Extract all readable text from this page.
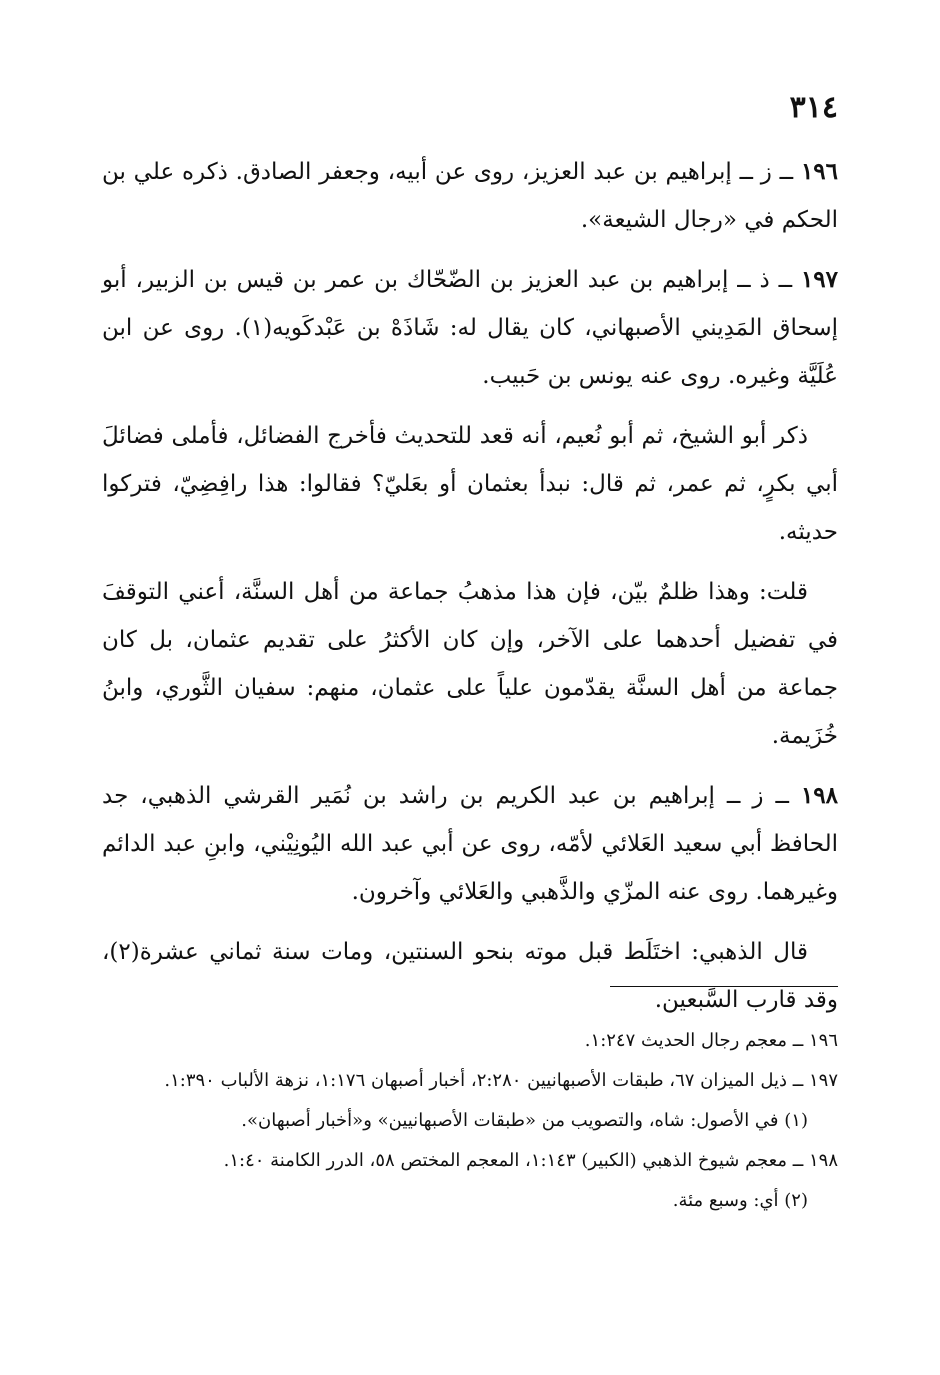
٣١٤

١٩٦ ــ ز ــ إبراهيم بن عبد العزيز، روى عن أبيه، وجعفر الصادق. ذكره علي بن الحكم في «رجال الشيعة».

١٩٧ ــ ذ ــ إبراهيم بن عبد العزيز بن الضّحّاك بن عمر بن قيس بن الزبير، أبو إسحاق المَدِيني الأصبهاني، كان يقال له: شَاذَهْ بن عَبْدكَويه(١). روى عن ابن عُلَيَّة وغيره. روى عنه يونس بن حَبيب.

ذكر أبو الشيخ، ثم أبو نُعيم، أنه قعد للتحديث فأخرج الفضائل، فأملى فضائلَ أبي بكرٍ، ثم عمر، ثم قال: نبدأ بعثمان أو بعَليّ؟ فقالوا: هذا رافِضِيّ، فتركوا حديثه.

قلت: وهذا ظلمٌ بيّن، فإن هذا مذهبُ جماعة من أهل السنَّة، أعني التوقفَ في تفضيل أحدهما على الآخر، وإن كان الأكثرُ على تقديم عثمان، بل كان جماعة من أهل السنَّة يقدّمون علياً على عثمان، منهم: سفيان الثَّوري، وابنُ خُزَيمة.

١٩٨ ــ ز ــ إبراهيم بن عبد الكريم بن راشد بن نُمَير القرشي الذهبي، جد الحافظ أبي سعيد العَلائي لأمّه، روى عن أبي عبد الله اليُونِيْني، وابنِ عبد الدائم وغيرهما. روى عنه المزّي والذَّهبي والعَلائي وآخرون.

قال الذهبي: اختَلَط قبل موته بنحو السنتين، ومات سنة ثماني عشرة(٢)، وقد قارب السَّبعين.

١٩٦ ــ معجم رجال الحديث ١:٢٤٧.

١٩٧ ــ ذيل الميزان ٦٧، طبقات الأصبهانيين ٢:٢٨٠، أخبار أصبهان ١:١٧٦، نزهة الألباب ١:٣٩٠.

(١) في الأصول: شاه، والتصويب من «طبقات الأصبهانيين» و«أخبار أصبهان».

١٩٨ ــ معجم شيوخ الذهبي (الكبير) ١:١٤٣، المعجم المختص ٥٨، الدرر الكامنة ١:٤٠.

(٢) أي: وسبع مئة.
